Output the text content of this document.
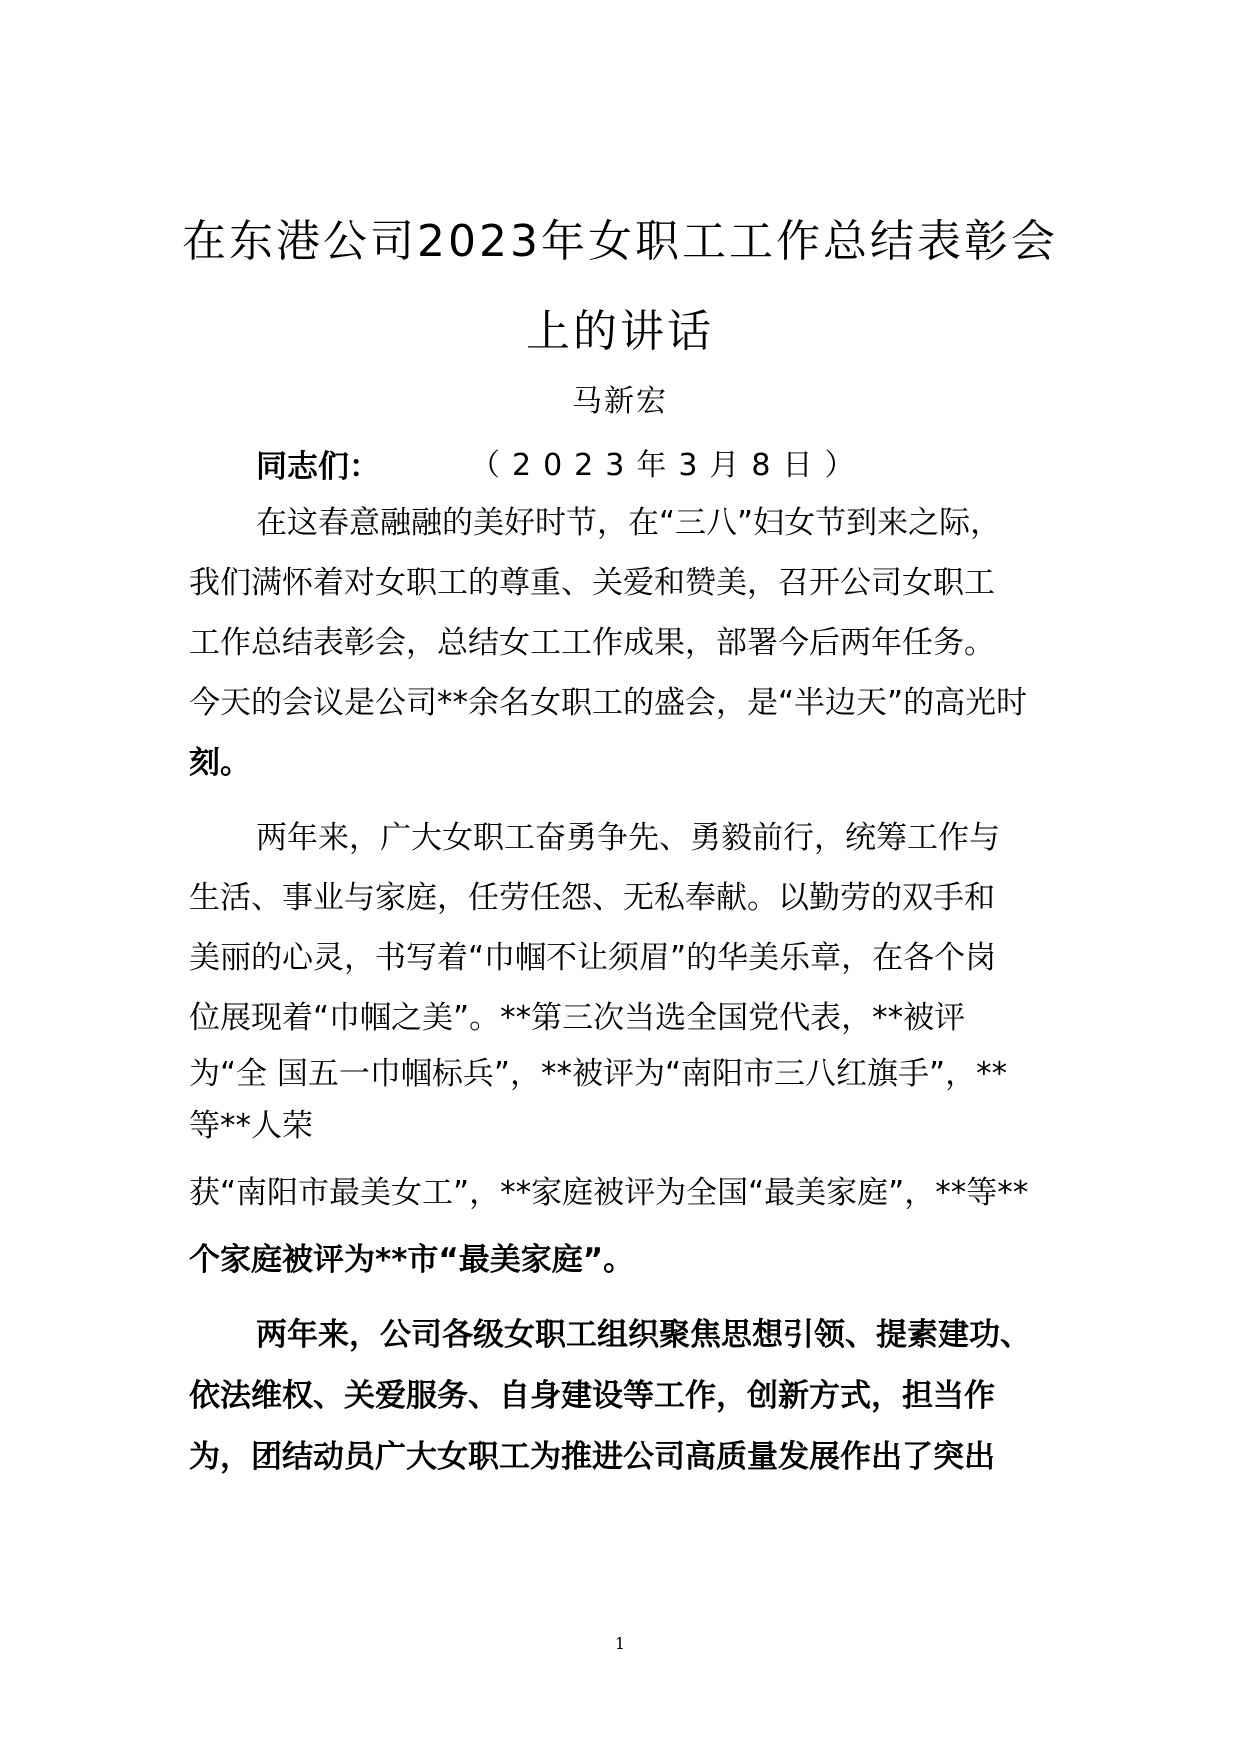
在东港公司2023年女职工工作总结表彰会
上的讲话
马新宏
（2023年3月8日）
同志们：
在这春意融融的美好时节，在“三八”妇女节到来之际，
我们满怀着对女职工的尊重、关爱和赞美，召开公司女职工
工作总结表彰会，总结女工工作成果，部署今后两年任务。
今天的会议是公司**余名女职工的盛会，是“半边天”的高光时
刻。
两年来，广大女职工奋勇争先、勇毅前行，统筹工作与
生活、事业与家庭，任劳任怨、无私奉献。以勤劳的双手和
美丽的心灵，书写着“巾帼不让须眉”的华美乐章，在各个岗
位展现着“巾帼之美”。**第三次当选全国党代表，**被评
为“全 国五一巾帼标兵”，**被评为“南阳市三八红旗手”，**
等**人荣
获“南阳市最美女工”，**家庭被评为全国“最美家庭”，**等**
个家庭被评为**市“最美家庭”。
两年来，公司各级女职工组织聚焦思想引领、提素建功、
依法维权、关爱服务、自身建设等工作，创新方式，担当作
为，团结动员广大女职工为推进公司高质量发展作出了突出
1
